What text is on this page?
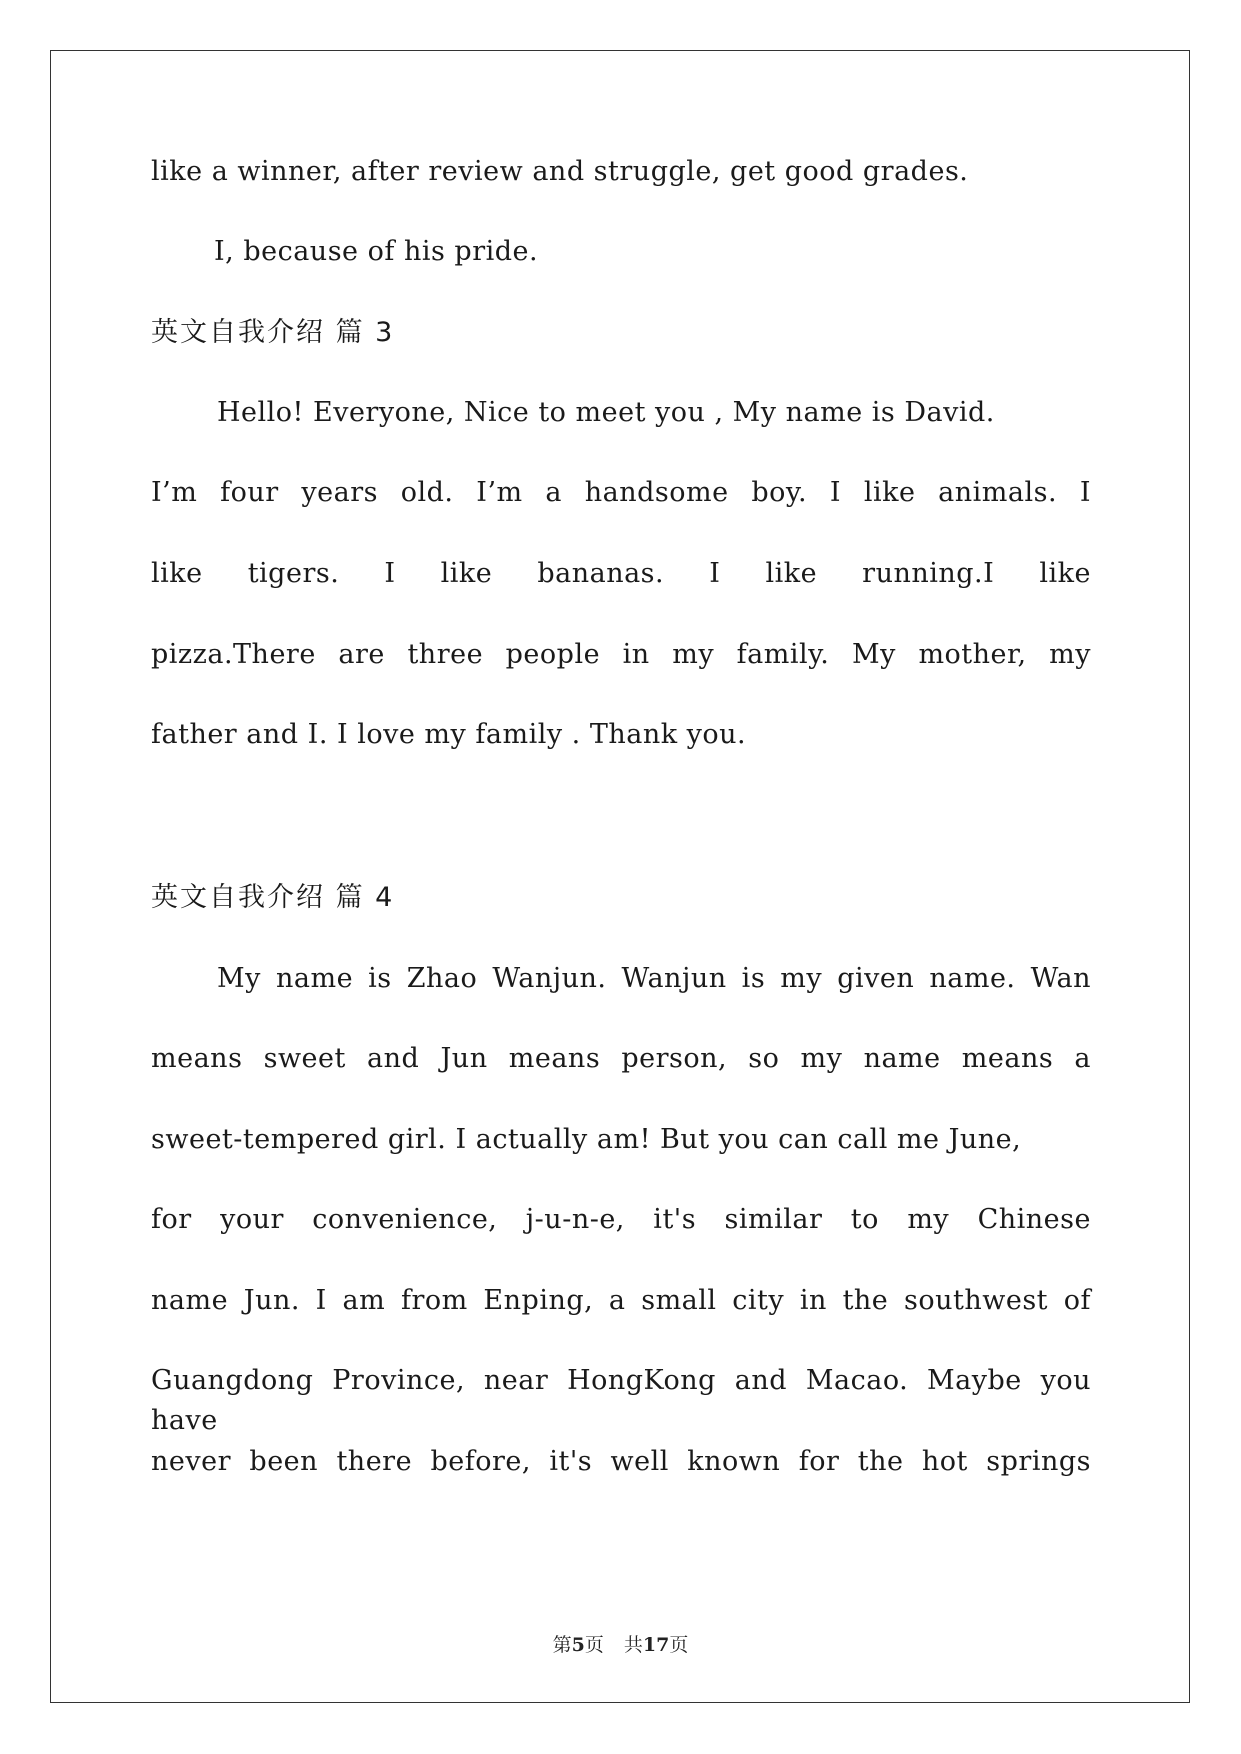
like a winner, after review and struggle, get good grades.
I, because of his pride.
英文自我介绍 篇 3
Hello! Everyone, Nice to meet you , My name is David.
I’m four years old. I’m a handsome boy. I like animals. I
like tigers. I like bananas. I like running.I like
pizza.There are three people in my family. My mother, my
father and I. I love my family . Thank you.
英文自我介绍 篇 4
My name is Zhao Wanjun. Wanjun is my given name. Wan
means sweet and Jun means person, so my name means a
sweet-tempered girl. I actually am! But you can call me June,
for your convenience, j-u-n-e, it's similar to my Chinese
name Jun. I am from Enping, a small city in the southwest of
Guangdong Province, near HongKong and Macao. Maybe you have
never been there before, it's well known for the hot springs
第5页 共17页
